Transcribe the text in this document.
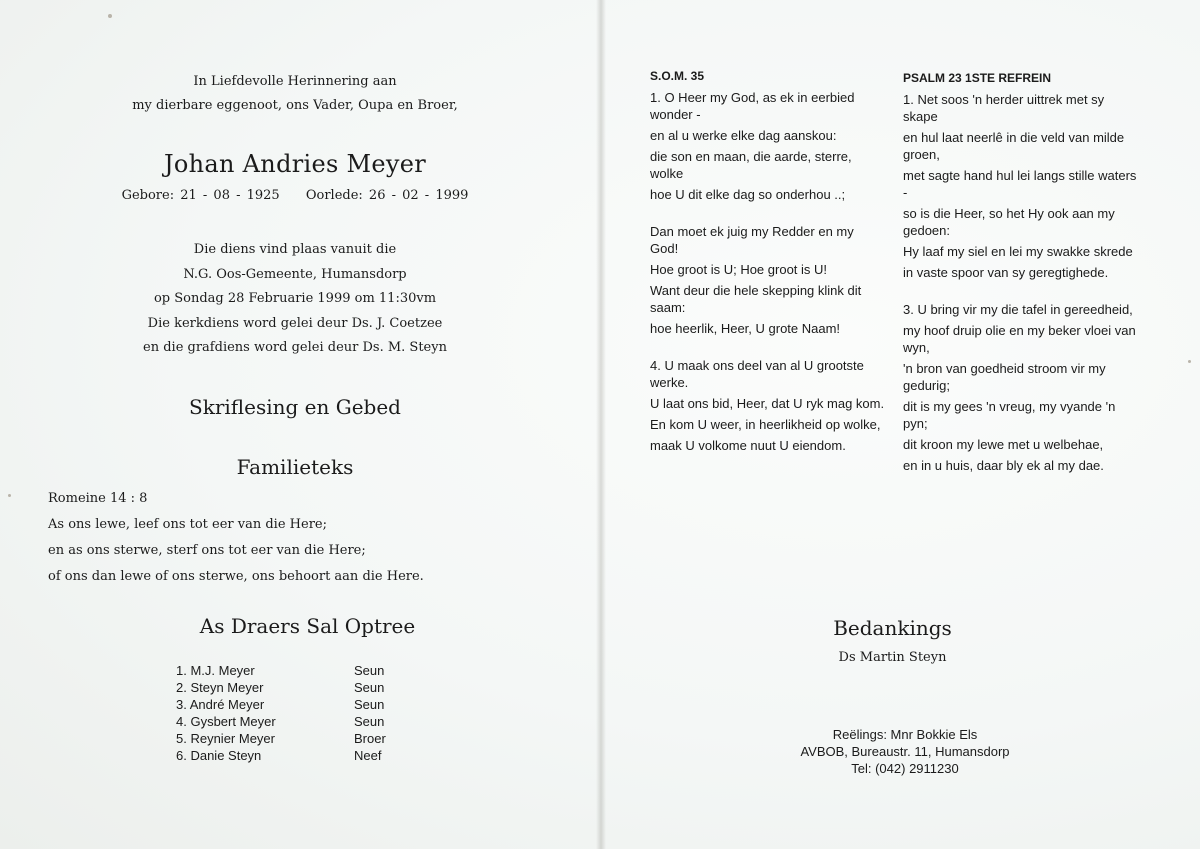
In Liefdevolle Herinnering aan
my dierbare eggenoot, ons Vader, Oupa en Broer,
Johan Andries Meyer
Gebore: 21 - 08 - 1925 Oorlede: 26 - 02 - 1999
Die diens vind plaas vanuit die
N.G. Oos-Gemeente, Humansdorp
op Sondag 28 Februarie 1999 om 11:30vm
Die kerkdiens word gelei deur Ds. J. Coetzee
en die grafdiens word gelei deur Ds. M. Steyn
Skriflesing en Gebed
Familieteks
Romeine 14 : 8
As ons lewe, leef ons tot eer van die Here;
en as ons sterwe, sterf ons tot eer van die Here;
of ons dan lewe of ons sterwe, ons behoort aan die Here.
As Draers Sal Optree
1. M.J. Meyer	Seun
2. Steyn Meyer	Seun
3. André Meyer	Seun
4. Gysbert Meyer	Seun
5. Reynier Meyer	Broer
6. Danie Steyn	Neef
S.O.M. 35
1. O Heer my God, as ek in eerbied wonder -
en al u werke elke dag aanskou:
die son en maan, die aarde, sterre, wolke
hoe U dit elke dag so onderhou ..;
Dan moet ek juig my Redder en my God!
Hoe groot is U; Hoe groot is U!
Want deur die hele skepping klink dit saam:
hoe heerlik, Heer, U grote Naam!
4. U maak ons deel van al U grootste werke.
U laat ons bid, Heer, dat U ryk mag kom.
En kom U weer, in heerlikheid op wolke,
maak U volkome nuut U eiendom.
PSALM 23 1STE REFREIN
1. Net soos 'n herder uittrek met sy skape
en hul laat neerlê in die veld van milde groen,
met sagte hand hul lei langs stille waters -
so is die Heer, so het Hy ook aan my gedoen:
Hy laaf my siel en lei my swakke skrede
in vaste spoor van sy geregtighede.
3. U bring vir my die tafel in gereedheid,
my hoof druip olie en my beker vloei van wyn,
'n bron van goedheid stroom vir my gedurig;
dit is my gees 'n vreug, my vyande 'n pyn;
dit kroon my lewe met u welbehae,
en in u huis, daar bly ek al my dae.
Bedankings
Ds Martin Steyn
Reëlings: Mnr Bokkie Els
AVBOB, Bureaustr. 11, Humansdorp
Tel: (042) 2911230
